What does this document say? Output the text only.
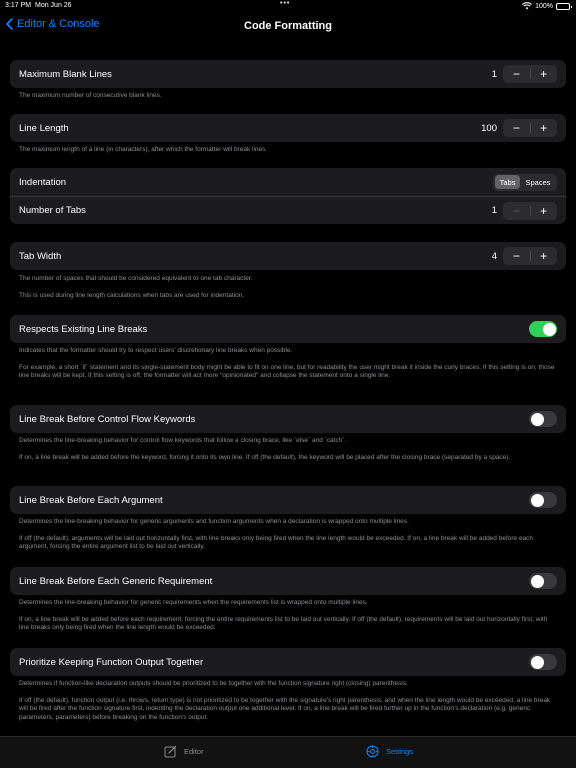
3:17 PM Mon Jun 26	•••	100%
Editor & Console	Code Formatting
Maximum Blank Lines	1	−	+
The maximum number of consecutive blank lines.
Line Length	100	−	+
The maximum length of a line (in characters), after which the formatter will break lines.
Indentation	Tabs	Spaces
Number of Tabs	1	−	+
Tab Width	4	−	+
The number of spaces that should be considered equivalent to one tab character.
This is used during line length calculations when tabs are used for indentation.
Respects Existing Line Breaks
Indicates that the formatter should try to respect users' discretionary line breaks when possible.
For example, a short `if` statement and its single-statement body might be able to fit on one line, but for readability the user might break it inside the curly braces. If this setting is on, those line breaks will be kept. If this setting is off, the formatter will act more "opinionated" and collapse the statement onto a single line.
Line Break Before Control Flow Keywords
Determines the line-breaking behavior for control flow keywords that follow a closing brace, like `else` and `catch`.
If on, a line break will be added before the keyword, forcing it onto its own line. If off (the default), the keyword will be placed after the closing brace (separated by a space).
Line Break Before Each Argument
Determines the line-breaking behavior for generic arguments and function arguments when a declaration is wrapped onto multiple lines.
If off (the default), arguments will be laid out horizontally first, with line breaks only being fired when the line length would be exceeded. If on, a line break will be added before each argument, forcing the entire argument list to be laid out vertically.
Line Break Before Each Generic Requirement
Determines the line-breaking behavior for generic requirements when the requirements list is wrapped onto multiple lines.
If on, a line break will be added before each requirement, forcing the entire requirements list to be laid out vertically. If off (the default), requirements will be laid out horizontally first, with line breaks only being fired when the line length would be exceeded.
Prioritize Keeping Function Output Together
Determines if function-like declaration outputs should be prioritized to be together with the function signature right (closing) parenthesis.
If off (the default), function output (i.e. throws, return type) is not prioritized to be together with the signature's right parenthesis, and when the line length would be exceeded, a line break will be fired after the function signature first, indenting the declaration output one additional level. If on, a line break will be fired further up in the function's declaration (e.g. generic parameters, parameters) before breaking on the function's output.
Editor	Settings
